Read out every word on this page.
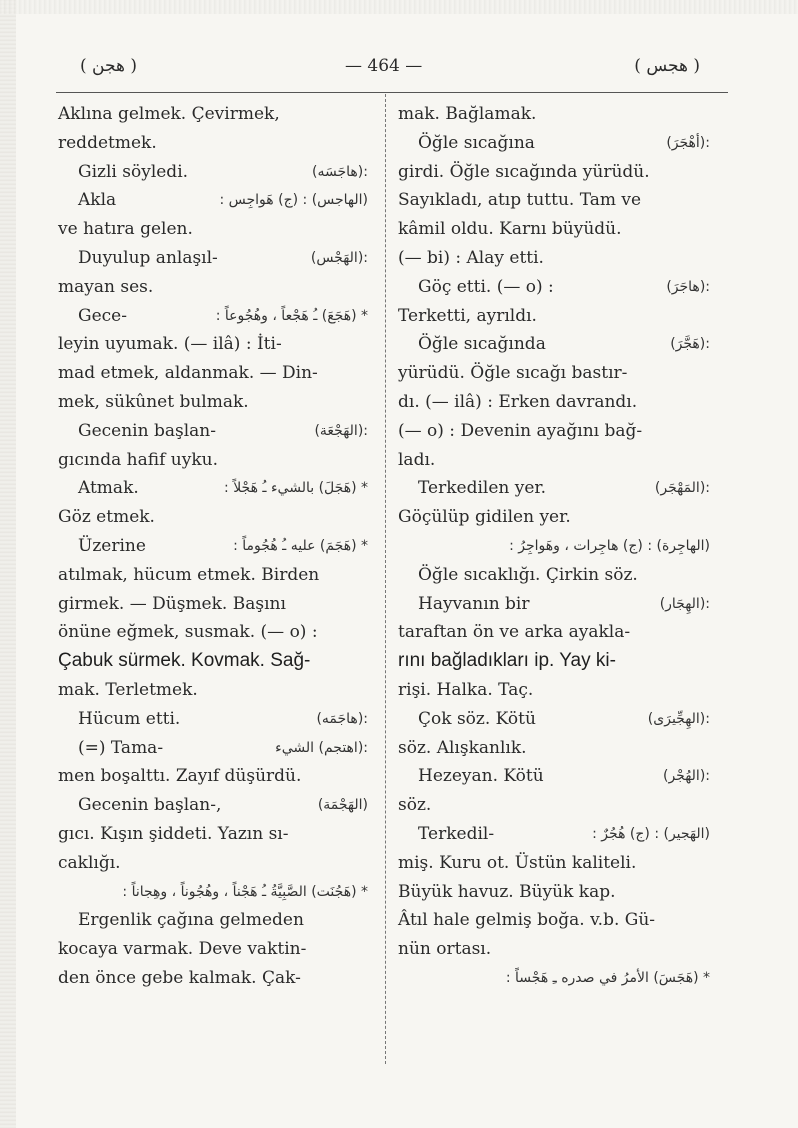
( هجن )	— 464 —	( هجس )
Aklına gelmek. Çevirmek,
reddetmek.
Gizli söyledi.	:(هاجَسَه)
Akla	(الهاجس) : (ج) هَواجِس :
ve hatıra gelen.
Duyulup anlaşıl-	:(الهَجْس)
mayan ses.
Gece-	* (هَجَعَ) ـُ هَجْعاً ، وهُجُوعاً :
leyin uyumak. (— ilâ) : İti-
mad etmek, aldanmak. — Din-
mek, sükûnet bulmak.
Gecenin başlan-	:(الهَجْعَة)
gıcında hafif uyku.
Atmak.	* (هَجَلَ) بالشيء ـُ هَجْلاً :
Göz etmek.
Üzerine	* (هَجَمَ) عليه ـُ هُجُوماً :
atılmak, hücum etmek. Birden
girmek. — Düşmek. Başını
önüne eğmek, susmak. (— o) :
Çabuk sürmek. Kovmak. Sağ-
mak. Terletmek.
Hücum etti.	:(هاجَمَه)
(=) Tama-	:(اهتجم) الشيء
men boşalttı. Zayıf düşürdü.
Gecenin başlan-,	(الهَجْمَة)
gıcı. Kışın şiddeti. Yazın sı-
caklığı.
* (هَجُنَت) الصَّبِيَّةُ ـُ هَجْناً ، وهُجُوناً ، وهِجاناً :
Ergenlik çağına gelmeden
kocaya varmak. Deve vaktin-
den önce gebe kalmak. Çak-
mak. Bağlamak.
Öğle sıcağına	:(أهْجَرَ)
girdi. Öğle sıcağında yürüdü.
Sayıkladı, atıp tuttu. Tam ve
kâmil oldu. Karnı büyüdü.
(— bi) : Alay etti.
Göç etti. (— o) :	:(هاجَرَ)
Terketti, ayrıldı.
Öğle sıcağında	:(هَجَّرَ)
yürüdü. Öğle sıcağı bastır-
dı. (— ilâ) : Erken davrandı.
(— o) : Devenin ayağını bağ-
ladı.
Terkedilen yer.	:(المَهْجَر)
Göçülüp gidilen yer.
(الهاجِرة) : (ج) هاجِرات ، وهَواجِرُ :
Öğle sıcaklığı. Çirkin söz.
Hayvanın bir	:(الهِجَار)
taraftan ön ve arka ayakla-
rını bağladıkları ip. Yay ki-
rişi. Halka. Taç.
Çok söz. Kötü	:(الهِجِّيرَى)
söz. Alışkanlık.
Hezeyan. Kötü	:(الهُجْر)
söz.
Terkedil-	(الهَجير) : (ج) هُجُرٌ :
miş. Kuru ot. Üstün kaliteli.
Büyük havuz. Büyük kap.
Âtıl hale gelmiş boğa. v.b. Gü-
nün ortası.
* (هَجَسَ) الأمرُ في صدره ـِ هَجْساً :
